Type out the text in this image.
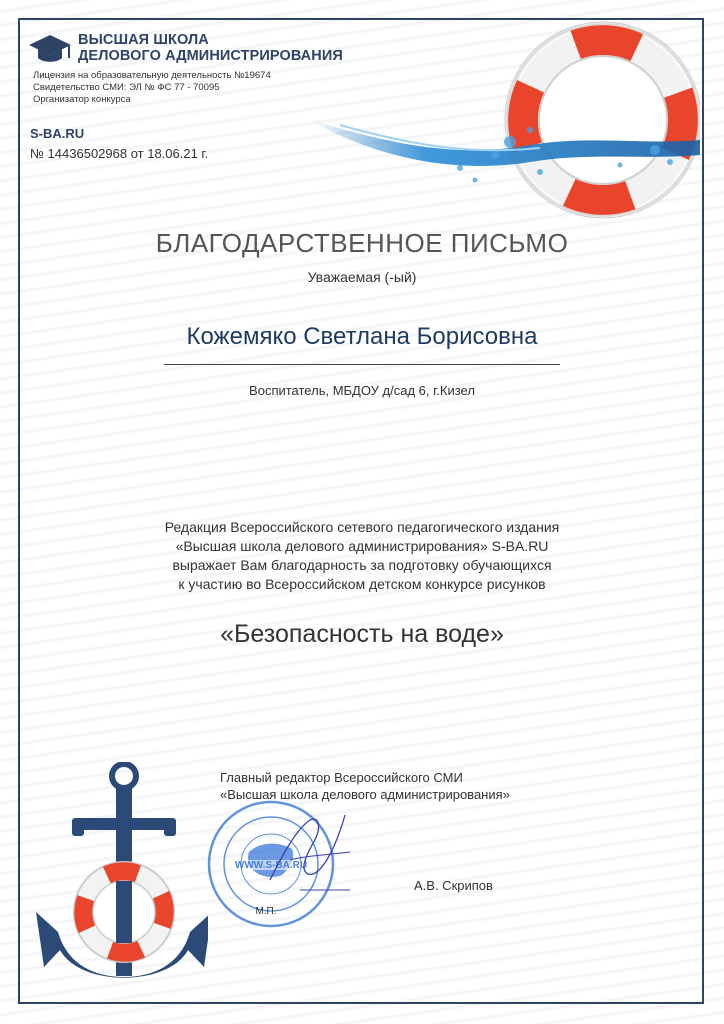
ВЫСШАЯ ШКОЛА
ДЕЛОВОГО АДМИНИСТРИРОВАНИЯ
Лицензия на образовательную деятельность №19674
Свидетельство СМИ: ЭЛ № ФС 77 - 70095
Организатор конкурса
S-BA.RU
№ 14436502968 от 18.06.21 г.
БЛАГОДАРСТВЕННОЕ ПИСЬМО
Уважаемая (-ый)
Кожемяко Светлана Борисовна
Воспитатель, МБДОУ д/сад 6, г.Кизел
Редакция Всероссийского сетевого педагогического издания
«Высшая школа делового администрирования» S-BA.RU
выражает Вам благодарность за подготовку обучающихся
к участию во Всероссийском детском конкурсе рисунков
«Безопасность на воде»
Главный редактор Всероссийского СМИ
«Высшая школа делового администрирования»
WWW.S-BA.RU
М.П.
А.В. Скрипов
